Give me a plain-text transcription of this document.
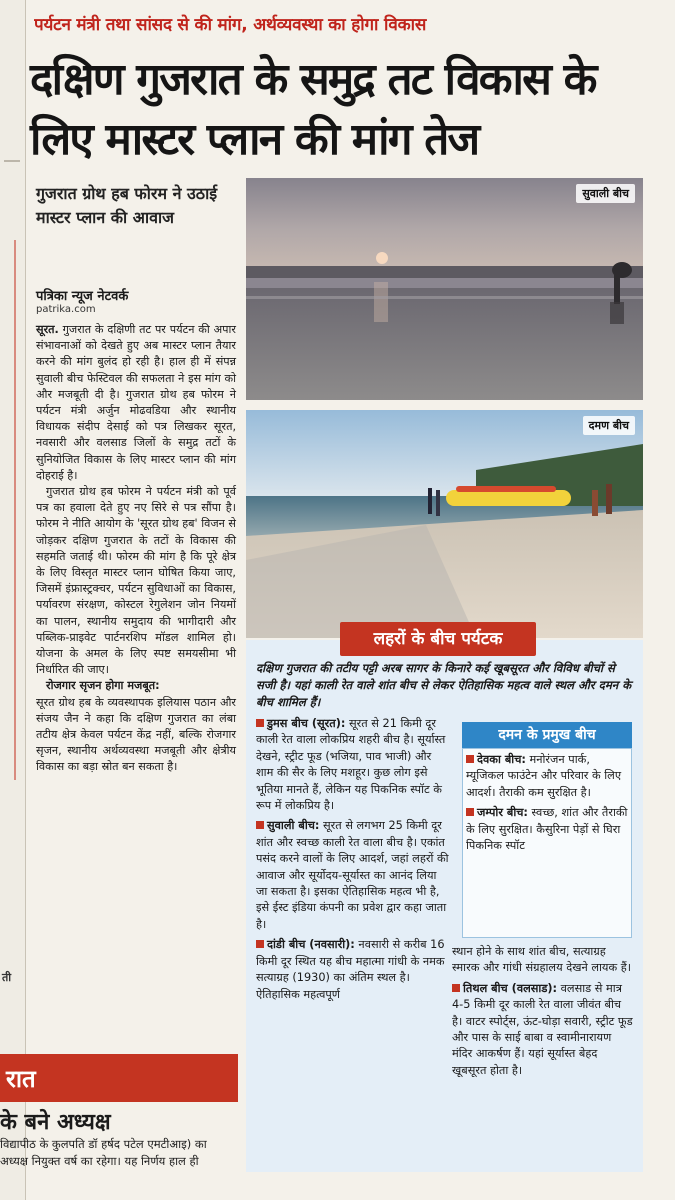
ती
पर्यटन मंत्री तथा सांसद से की मांग, अर्थव्यवस्था का होगा विकास
दक्षिण गुजरात के समुद्र तट विकास के लिए मास्टर प्लान की मांग तेज
गुजरात ग्रोथ हब फोरम ने उठाई मास्टर प्लान की आवाज
पत्रिका न्यूज नेटवर्क
patrika.com

सूरत. गुजरात के दक्षिणी तट पर पर्यटन की अपार संभावनाओं को देखते हुए अब मास्टर प्लान तैयार करने की मांग बुलंद हो रही है। हाल ही में संपन्न सुवाली बीच फेस्टिवल की सफलता ने इस मांग को और मजबूती दी है। गुजरात ग्रोथ हब फोरम ने पर्यटन मंत्री अर्जुन मोढवडिया और स्थानीय विधायक संदीप देसाई को पत्र लिखकर सूरत, नवसारी और वलसाड जिलों के समुद्र तटों के सुनियोजित विकास के लिए मास्टर प्लान की मांग दोहराई है।

गुजरात ग्रोथ हब फोरम ने पर्यटन मंत्री को पूर्व पत्र का हवाला देते हुए नए सिरे से पत्र सौंपा है। फोरम ने नीति आयोग के 'सूरत ग्रोथ हब' विजन से जोड़कर दक्षिण गुजरात के तटों के विकास की सहमति जताई थी। फोरम की मांग है कि पूरे क्षेत्र के लिए विस्तृत मास्टर प्लान घोषित किया जाए, जिसमें इंफ्रास्ट्रक्चर, पर्यटन सुविधाओं का विकास, पर्यावरण संरक्षण, कोस्टल रेगुलेशन जोन नियमों का पालन, स्थानीय समुदाय की भागीदारी और पब्लिक-प्राइवेट पार्टनरशिप मॉडल शामिल हो। योजना के अमल के लिए स्पष्ट समयसीमा भी निर्धारित की जाए।

रोजगार सृजन होगा मजबूत:

सूरत ग्रोथ हब के व्यवस्थापक इलियास पठान और संजय जैन ने कहा कि दक्षिण गुजरात का लंबा तटीय क्षेत्र केवल पर्यटन केंद्र नहीं, बल्कि रोजगार सृजन, स्थानीय अर्थव्यवस्था मजबूती और क्षेत्रीय विकास का बड़ा स्रोत बन सकता है।

रात
के बने अध्यक्ष
विद्यापीठ के कुलपति डॉ हर्षद पटेल एमटीआइ) का अध्यक्ष नियुक्त वर्ष का रहेगा। यह निर्णय हाल ही
सुवाली बीच
दमण बीच
लहरों के बीच पर्यटक
दक्षिण गुजरात की तटीय पट्टी अरब सागर के किनारे कई खूबसूरत और विविध बीचों से सजी है। यहां काली रेत वाले शांत बीच से लेकर ऐतिहासिक महत्व वाले स्थल और दमन के बीच शामिल हैं।

डुमस बीच (सूरत): सूरत से 21 किमी दूर काली रेत वाला लोकप्रिय शहरी बीच है। सूर्यास्त देखने, स्ट्रीट फूड (भजिया, पाव भाजी) और शाम की सैर के लिए मशहूर। कुछ लोग इसे भूतिया मानते हैं, लेकिन यह पिकनिक स्पॉट के रूप में लोकप्रिय है।

सुवाली बीच: सूरत से लगभग 25 किमी दूर शांत और स्वच्छ काली रेत वाला बीच है। एकांत पसंद करने वालों के लिए आदर्श, जहां लहरों की आवाज और सूर्योदय-सूर्यास्त का आनंद लिया जा सकता है। इसका ऐतिहासिक महत्व भी है, इसे ईस्ट इंडिया कंपनी का प्रवेश द्वार कहा जाता है।

दांडी बीच (नवसारी): नवसारी से करीब 16 किमी दूर स्थित यह बीच महात्मा गांधी के नमक सत्याग्रह (1930) का अंतिम स्थल है। ऐतिहासिक महत्वपूर्ण

दमन के प्रमुख बीच

देवका बीच: मनोरंजन पार्क, म्यूजिकल फाउंटेन और परिवार के लिए आदर्श। तैराकी कम सुरक्षित है।

जम्पोर बीच: स्वच्छ, शांत और तैराकी के लिए सुरक्षित। कैसुरिना पेड़ों से घिरा पिकनिक स्पॉट

स्थान होने के साथ शांत बीच, सत्याग्रह स्मारक और गांधी संग्रहालय देखने लायक हैं।

तिथल बीच (वलसाड): वलसाड से मात्र 4-5 किमी दूर काली रेत वाला जीवंत बीच है। वाटर स्पोर्ट्स, ऊंट-घोड़ा सवारी, स्ट्रीट फूड और पास के साई बाबा व स्वामीनारायण मंदिर आकर्षण हैं। यहां सूर्यास्त बेहद खूबसूरत होता है।
